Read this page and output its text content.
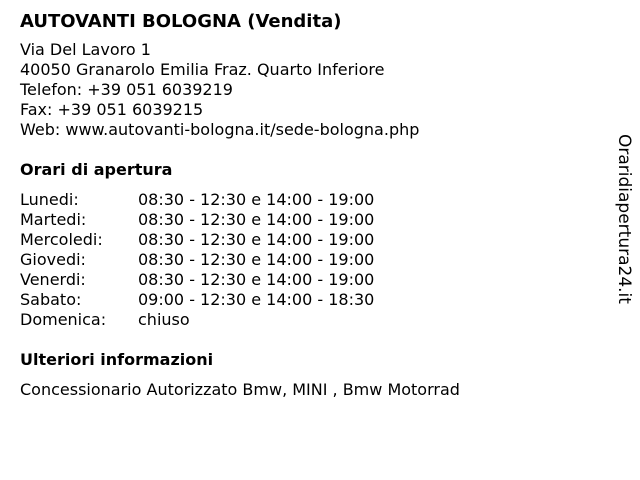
AUTOVANTI BOLOGNA (Vendita)
Via Del Lavoro 1
40050 Granarolo Emilia Fraz. Quarto Inferiore
Telefon: +39 051 6039219
Fax: +39 051 6039215
Web: www.autovanti-bologna.it/sede-bologna.php
Orari di apertura
Lunedi:	08:30 - 12:30 e 14:00 - 19:00
Martedi:	08:30 - 12:30 e 14:00 - 19:00
Mercoledi:	08:30 - 12:30 e 14:00 - 19:00
Giovedi:	08:30 - 12:30 e 14:00 - 19:00
Venerdi:	08:30 - 12:30 e 14:00 - 19:00
Sabato:	09:00 - 12:30 e 14:00 - 18:30
Domenica:	chiuso
Ulteriori informazioni
Concessionario Autorizzato Bmw, MINI , Bmw Motorrad
Oraridiapertura24.it
